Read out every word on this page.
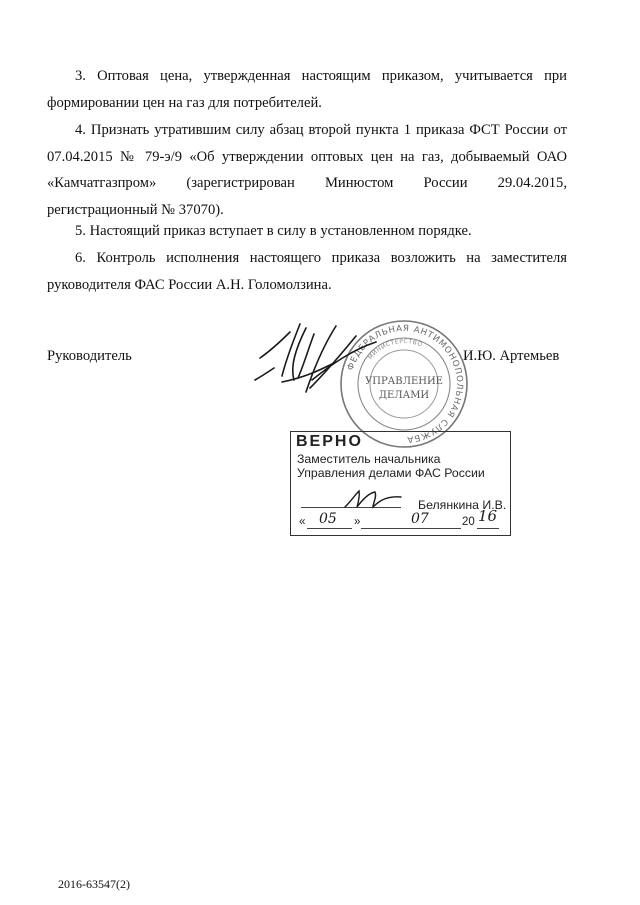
3. Оптовая цена, утвержденная настоящим приказом, учитывается при формировании цен на газ для потребителей.

4. Признать утратившим силу абзац второй пункта 1 приказа ФСТ России от 07.04.2015 № 79-э/9 «Об утверждении оптовых цен на газ, добываемый ОАО «Камчатгазпром» (зарегистрирован Минюстом России 29.04.2015, регистрационный № 37070).

5. Настоящий приказ вступает в силу в установленном порядке.

6. Контроль исполнения настоящего приказа возложить на заместителя руководителя ФАС России А.Н. Голомолзина.

Руководитель
ФЕДЕРАЛЬНАЯ АНТИМОНОПОЛЬНАЯ СЛУЖБА
МИНИСТЕРСТВО
УПРАВЛЕНИЕ
ДЕЛАМИ
И.Ю. Артемьев
ВЕРНО
Заместитель начальника
Управления делами ФАС России
Белянкина И.В.
« 05 »	07	20 16
2016-63547(2)
